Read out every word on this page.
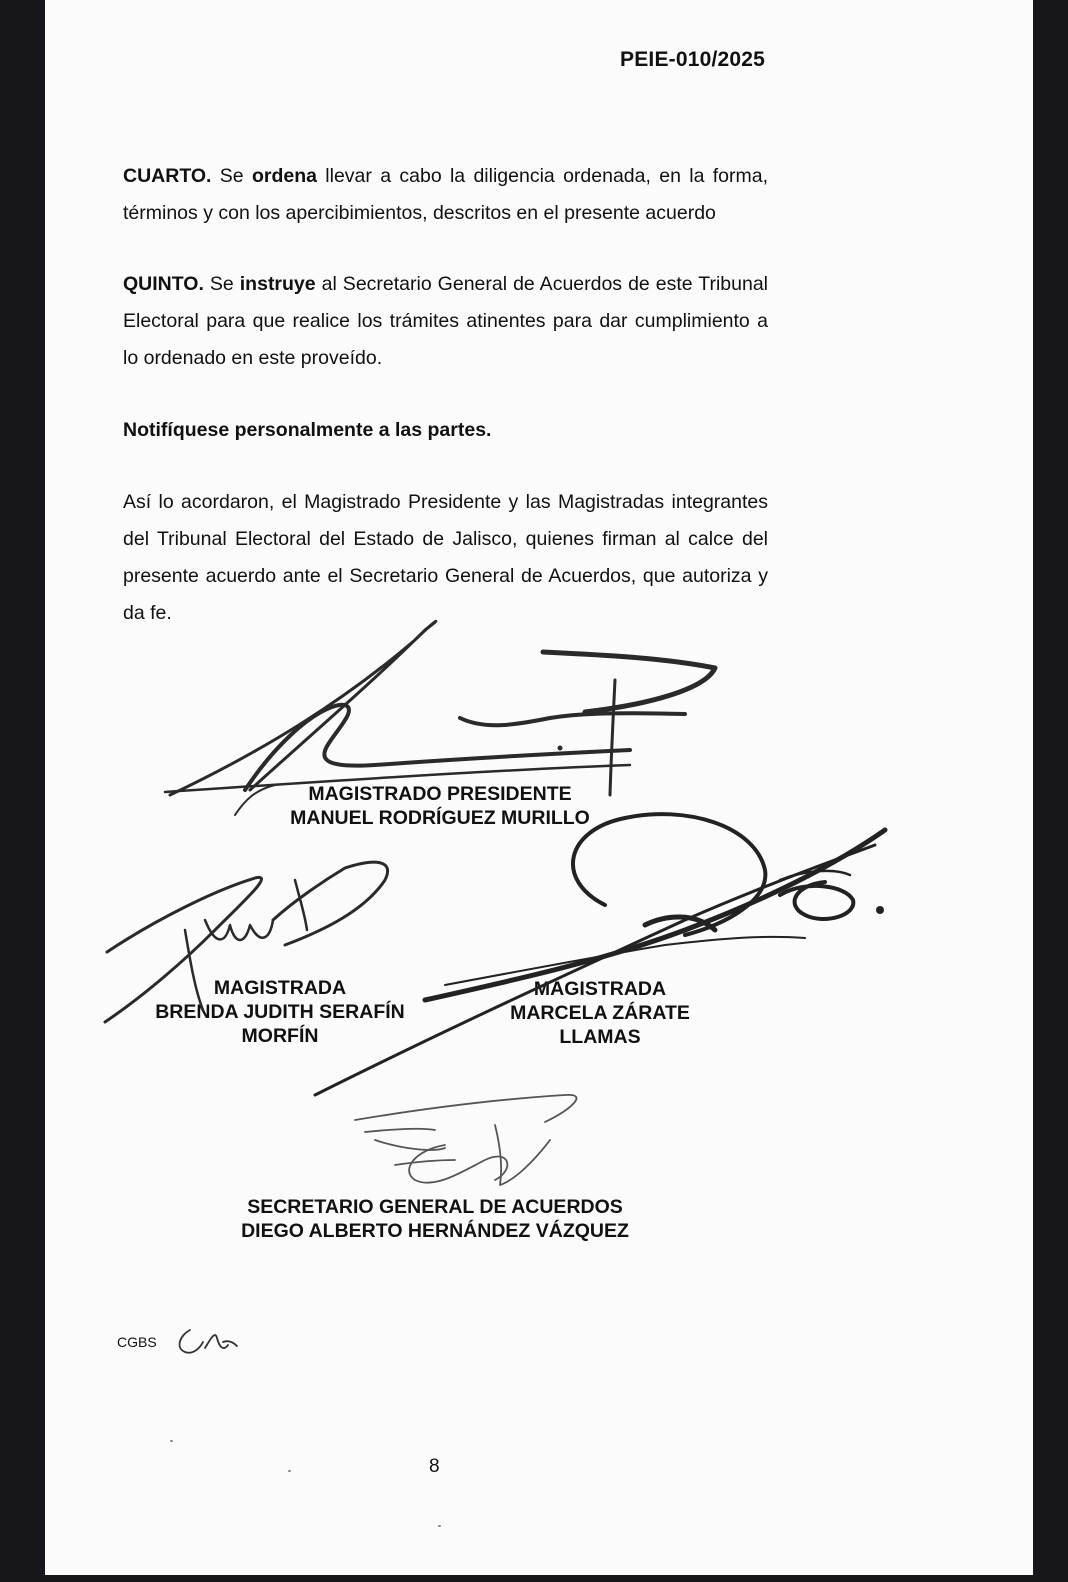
PEIE-010/2025
CUARTO. Se ordena llevar a cabo la diligencia ordenada, en la forma, términos y con los apercibimientos, descritos en el presente acuerdo
QUINTO. Se instruye al Secretario General de Acuerdos de este Tribunal Electoral para que realice los trámites atinentes para dar cumplimiento a lo ordenado en este proveído.
Notifíquese personalmente a las partes.
Así lo acordaron, el Magistrado Presidente y las Magistradas integrantes del Tribunal Electoral del Estado de Jalisco, quienes firman al calce del presente acuerdo ante el Secretario General de Acuerdos, que autoriza y da fe.
MAGISTRADO PRESIDENTE
MANUEL RODRÍGUEZ MURILLO
MAGISTRADA
BRENDA JUDITH SERAFÍN
MORFÍN
MAGISTRADA
MARCELA ZÁRATE
LLAMAS
SECRETARIO GENERAL DE ACUERDOS
DIEGO ALBERTO HERNÁNDEZ VÁZQUEZ
CGBS
8
